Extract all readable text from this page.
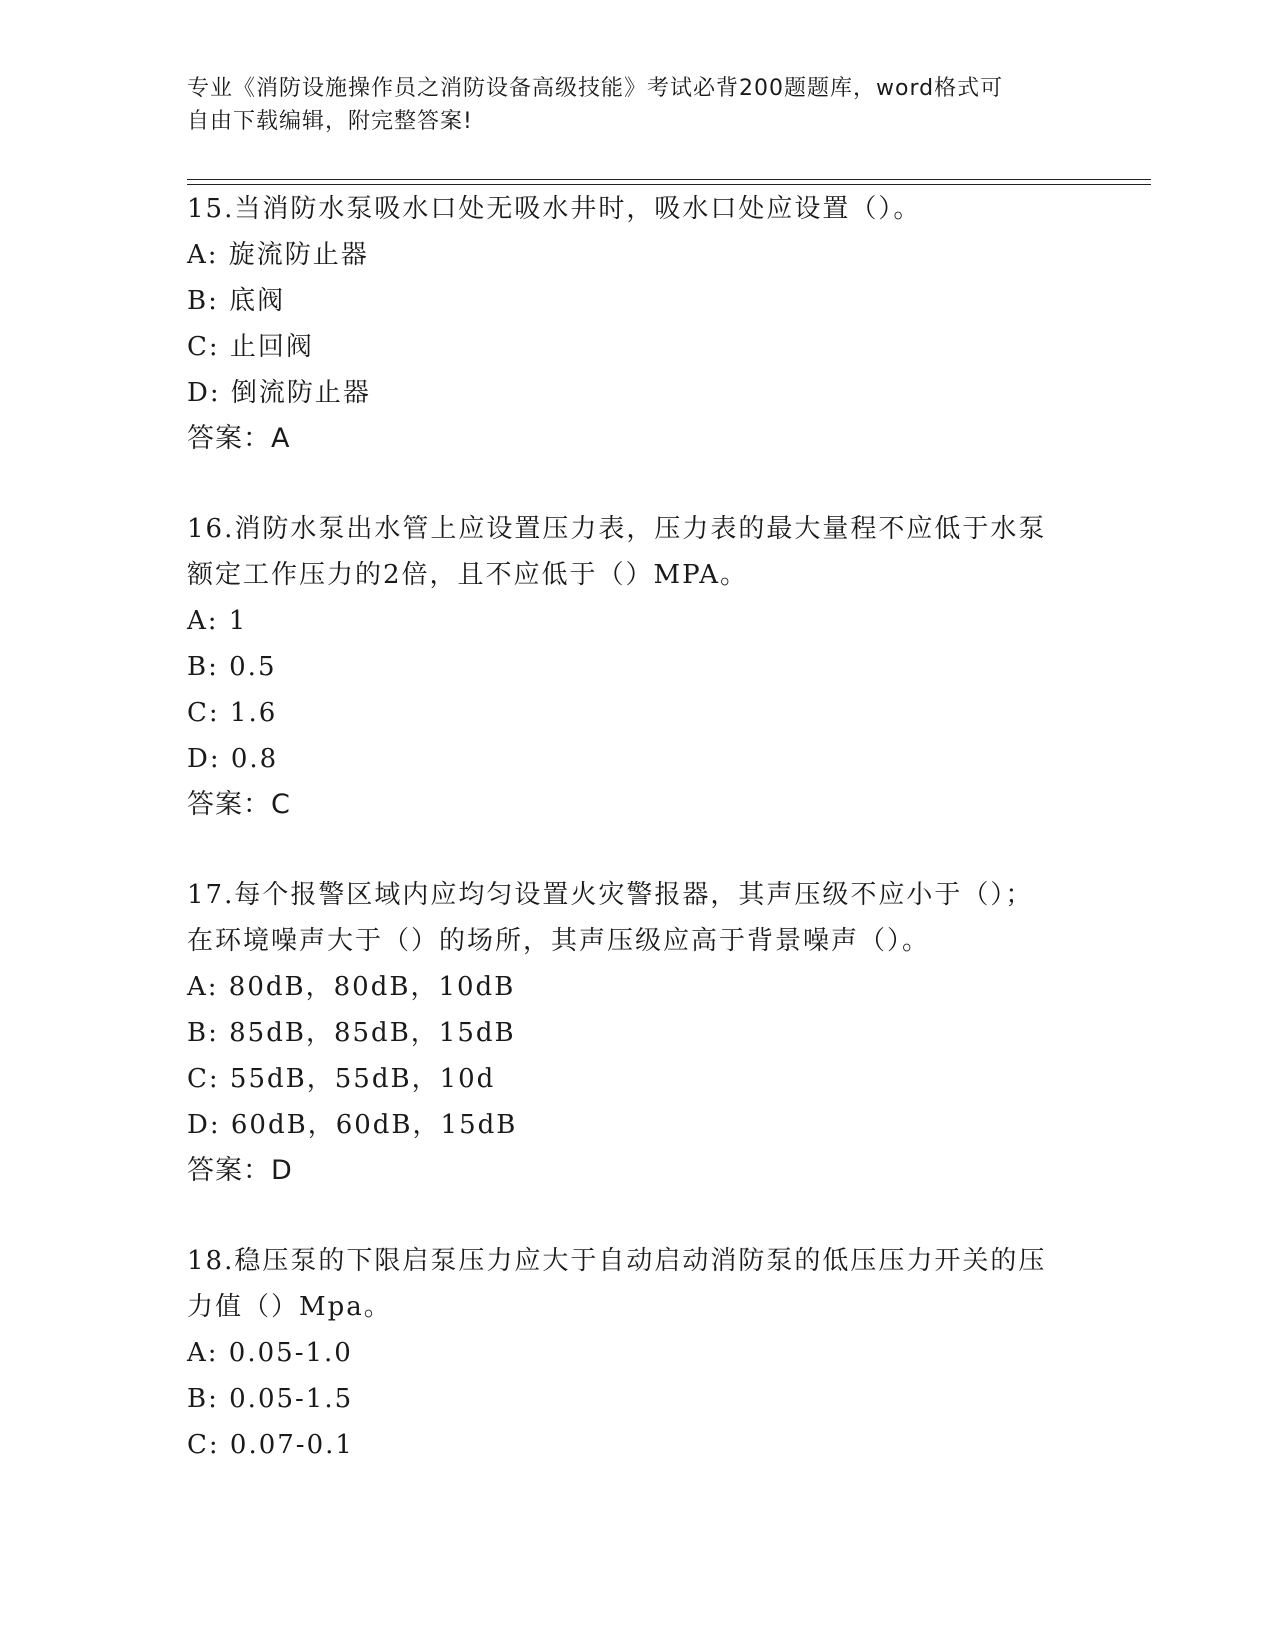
专业《消防设施操作员之消防设备高级技能》考试必背200题题库，word格式可
自由下载编辑，附完整答案!
15.当消防水泵吸水口处无吸水井时，吸水口处应设置（）。
A: 旋流防止器
B: 底阀
C: 止回阀
D: 倒流防止器
答案：A
16.消防水泵出水管上应设置压力表，压力表的最大量程不应低于水泵
额定工作压力的2倍，且不应低于（）MPA。
A: 1
B: 0.5
C: 1.6
D: 0.8
答案：C
17.每个报警区域内应均匀设置火灾警报器，其声压级不应小于（）；
在环境噪声大于（）的场所，其声压级应高于背景噪声（）。
A: 80dB，80dB，10dB
B: 85dB，85dB，15dB
C: 55dB，55dB，10d
D: 60dB，60dB，15dB
答案：D
18.稳压泵的下限启泵压力应大于自动启动消防泵的低压压力开关的压
力值（）Mpa。
A: 0.05-1.0
B: 0.05-1.5
C: 0.07-0.1
